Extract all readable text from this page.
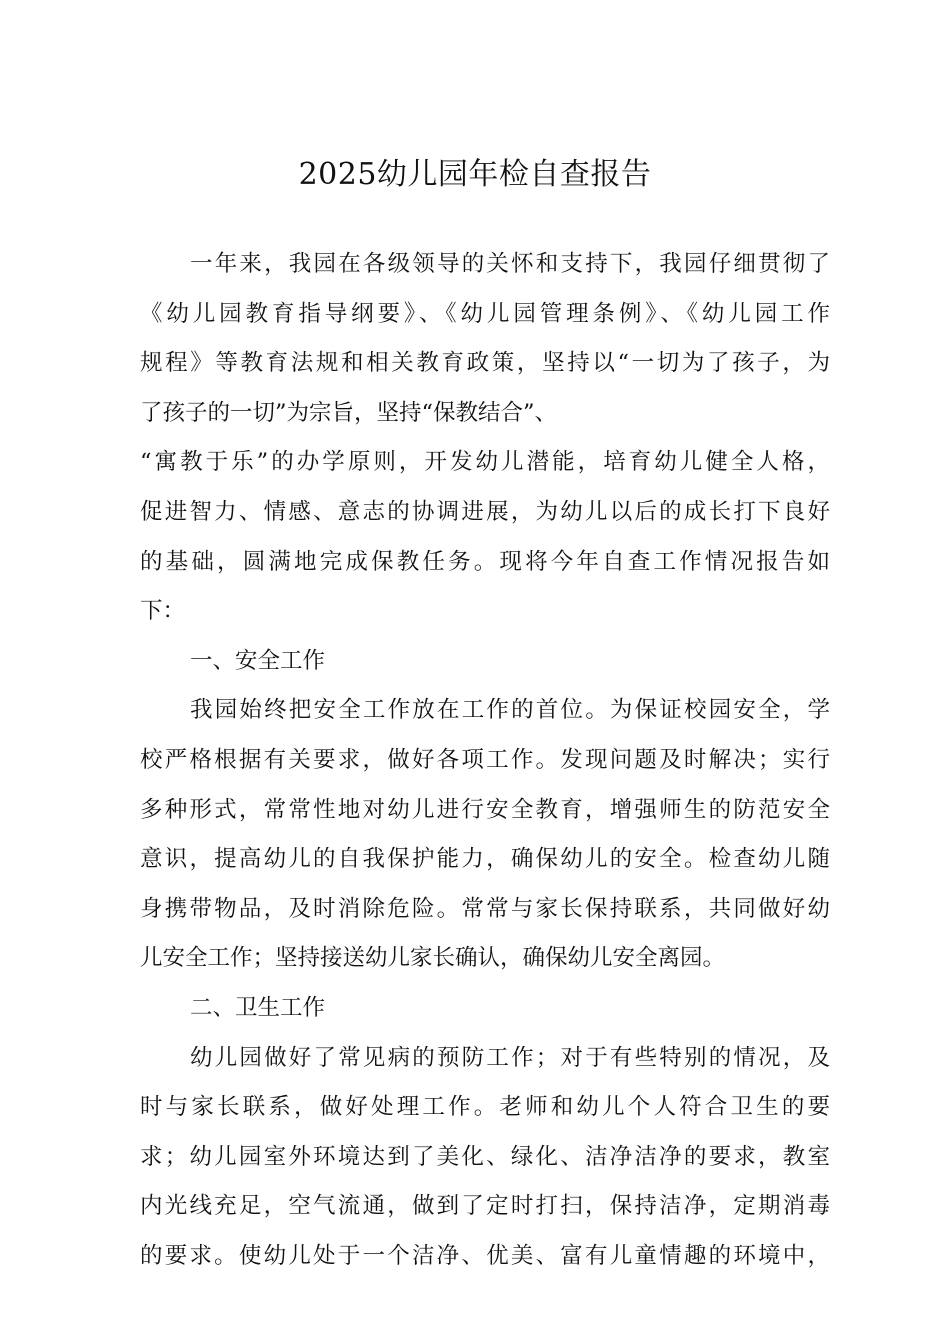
2025幼儿园年检自查报告
一年来，我园在各级领导的关怀和支持下，我园仔细贯彻了
《幼儿园教育指导纲要》、《幼儿园管理条例》、《幼儿园工作
规程》等教育法规和相关教育政策，坚持以“一切为了孩子，为
了孩子的一切”为宗旨，坚持“保教结合”、
“寓教于乐”的办学原则，开发幼儿潜能，培育幼儿健全人格，
促进智力、情感、意志的协调进展，为幼儿以后的成长打下良好
的基础，圆满地完成保教任务。现将今年自查工作情况报告如
下：
一、安全工作
我园始终把安全工作放在工作的首位。为保证校园安全，学
校严格根据有关要求，做好各项工作。发现问题及时解决；实行
多种形式，常常性地对幼儿进行安全教育，增强师生的防范安全
意识，提高幼儿的自我保护能力，确保幼儿的安全。检查幼儿随
身携带物品，及时消除危险。常常与家长保持联系，共同做好幼
儿安全工作；坚持接送幼儿家长确认，确保幼儿安全离园。
二、卫生工作
幼儿园做好了常见病的预防工作；对于有些特别的情况，及
时与家长联系，做好处理工作。老师和幼儿个人符合卫生的要
求；幼儿园室外环境达到了美化、绿化、洁净洁净的要求，教室
内光线充足，空气流通，做到了定时打扫，保持洁净，定期消毒
的要求。使幼儿处于一个洁净、优美、富有儿童情趣的环境中，
